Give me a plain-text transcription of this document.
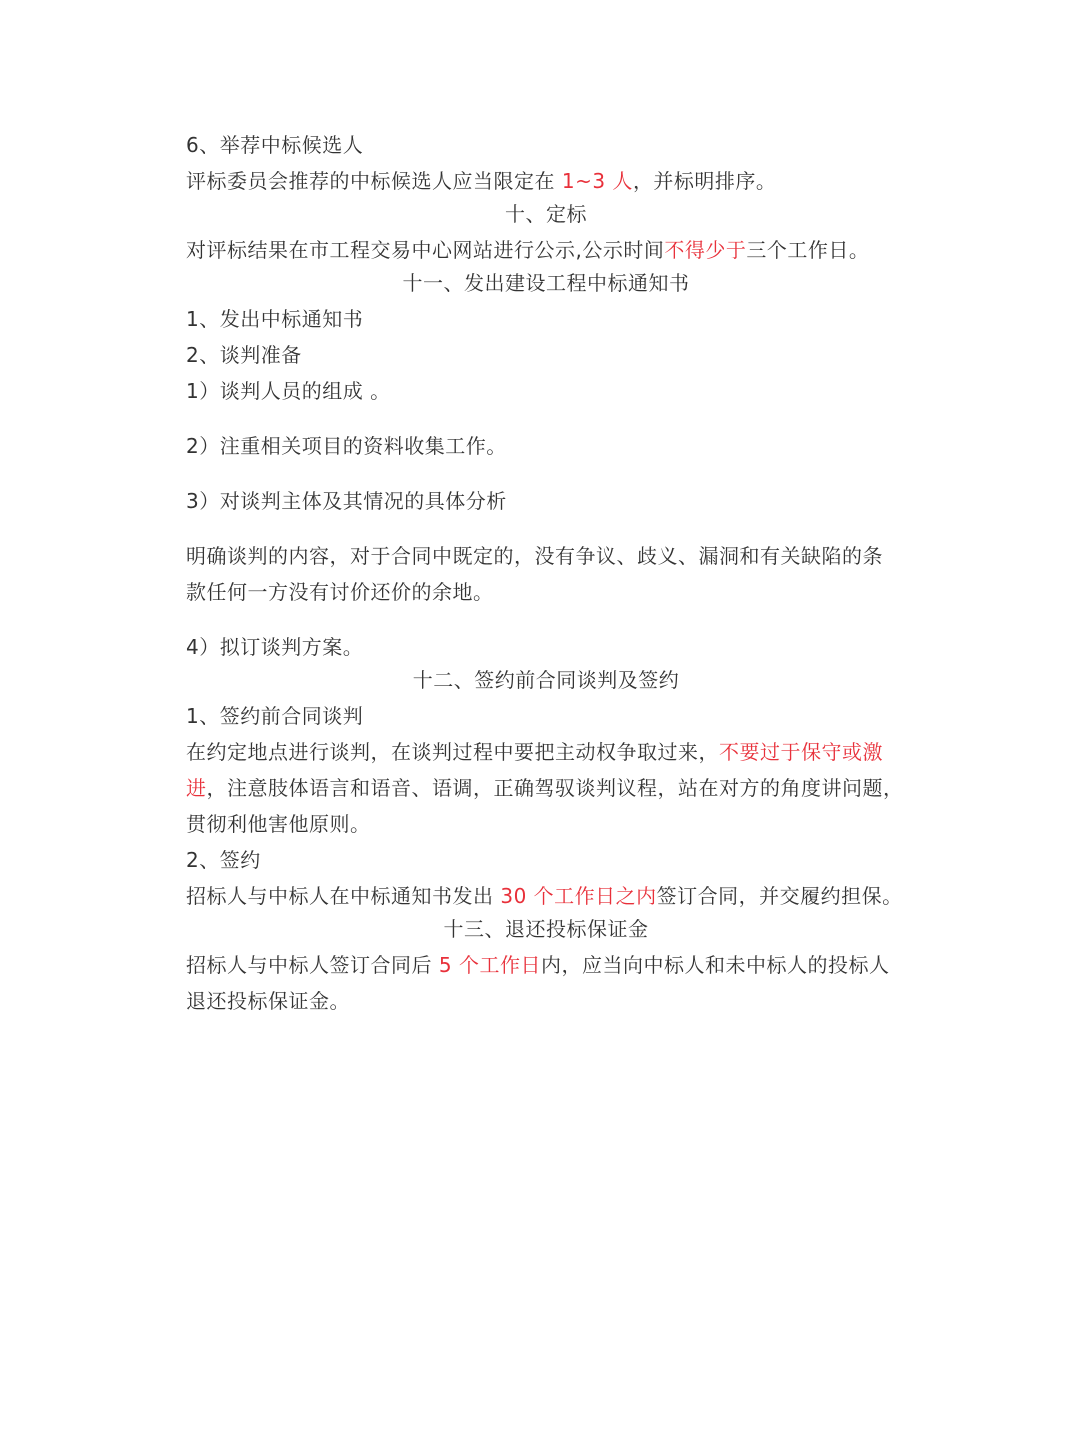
6、举荐中标候选人
评标委员会推荐的中标候选人应当限定在 1~3 人，并标明排序。
十、定标
对评标结果在市工程交易中心网站进行公示,公示时间不得少于三个工作日。
十一、发出建设工程中标通知书
1、发出中标通知书
2、谈判准备
1）谈判人员的组成 。
2）注重相关项目的资料收集工作。
3）对谈判主体及其情况的具体分析
明确谈判的内容，对于合同中既定的，没有争议、歧义、漏洞和有关缺陷的条
款任何一方没有讨价还价的余地。
4）拟订谈判方案。
十二、签约前合同谈判及签约
1、签约前合同谈判
在约定地点进行谈判，在谈判过程中要把主动权争取过来，不要过于保守或激
进，注意肢体语言和语音、语调，正确驾驭谈判议程，站在对方的角度讲问题，
贯彻利他害他原则。
2、签约
招标人与中标人在中标通知书发出 30 个工作日之内签订合同，并交履约担保。
十三、退还投标保证金
招标人与中标人签订合同后 5 个工作日内，应当向中标人和未中标人的投标人
退还投标保证金。
